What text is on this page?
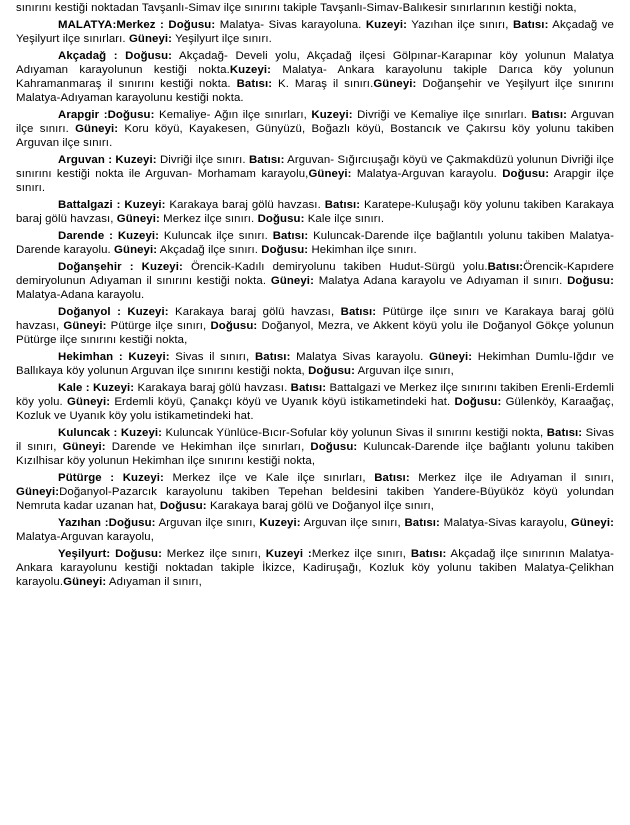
sınırını kestiği noktadan Tavşanlı-Simav ilçe sınırını takiple Tavşanlı-Simav-Balıkesir sınırlarının kestiği nokta,

MALATYA:Merkez : Doğusu: Malatya- Sivas karayoluna. Kuzeyi: Yazıhan ilçe sınırı, Batısı: Akçadağ ve Yeşilyurt ilçe sınırları. Güneyi: Yeşilyurt ilçe sınırı.

Akçadağ : Doğusu: Akçadağ- Develi yolu, Akçadağ ilçesi Gölpınar-Karapınar köy yolunun Malatya Adıyaman karayolunun kestiği nokta.Kuzeyi: Malatya- Ankara karayolunu takiple Darıca köy yolunun Kahramanmaraş il sınırını kestiği nokta. Batısı: K. Maraş il sınırı.Güneyi: Doğanşehir ve Yeşilyurt ilçe sınırını Malatya-Adıyaman karayolunu kestiği nokta.

Arapgir :Doğusu: Kemaliye- Ağın ilçe sınırları, Kuzeyi: Divriği ve Kemaliye ilçe sınırları. Batısı: Arguvan ilçe sınırı. Güneyi: Koru köyü, Kayakesen, Günyüzü, Boğazlı köyü, Bostancık ve Çakırsu köy yolunu takiben Arguvan ilçe sınırı.

Arguvan : Kuzeyi: Divriği ilçe sınırı. Batısı: Arguvan- Sığırcıuşağı köyü ve Çakmakdüzü yolunun Divriği ilçe sınırını kestiği nokta ile Arguvan- Morhamam karayolu,Güneyi: Malatya-Arguvan karayolu. Doğusu: Arapgir ilçe sınırı.

Battalgazi : Kuzeyi: Karakaya baraj gölü havzası. Batısı: Karatepe-Kuluşağı köy yolunu takiben Karakaya baraj gölü havzası, Güneyi: Merkez ilçe sınırı. Doğusu: Kale ilçe sınırı.

Darende : Kuzeyi: Kuluncak ilçe sınırı. Batısı: Kuluncak-Darende ilçe bağlantılı yolunu takiben Malatya-Darende karayolu. Güneyi: Akçadağ ilçe sınırı. Doğusu: Hekimhan ilçe sınırı.

Doğanşehir : Kuzeyi: Örencik-Kadılı demiryolunu takiben Hudut-Sürgü yolu.Batısı:Örencik-Kapıdere demiryolunun Adıyaman il sınırını kestiği nokta. Güneyi: Malatya Adana karayolu ve Adıyaman il sınırı. Doğusu: Malatya-Adana karayolu.

Doğanyol : Kuzeyi: Karakaya baraj gölü havzası, Batısı: Pütürge ilçe sınırı ve Karakaya baraj gölü havzası, Güneyi: Pütürge ilçe sınırı, Doğusu: Doğanyol, Mezra, ve Akkent köyü yolu ile Doğanyol Gökçe yolunun Pütürge ilçe sınırını kestiği nokta,

Hekimhan : Kuzeyi: Sivas il sınırı, Batısı: Malatya Sivas karayolu. Güneyi: Hekimhan Dumlu-Iğdır ve Ballıkaya köy yolunun Arguvan ilçe sınırını kestiği nokta, Doğusu: Arguvan ilçe sınırı,

Kale : Kuzeyi: Karakaya baraj gölü havzası. Batısı: Battalgazi ve Merkez ilçe sınırını takiben Erenli-Erdemli köy yolu. Güneyi: Erdemli köyü, Çanakçı köyü ve Uyanık köyü istikametindeki hat. Doğusu: Gülenköy, Karaağaç, Kozluk ve Uyanık köy yolu istikametindeki hat.

Kuluncak : Kuzeyi: Kuluncak Yünlüce-Bıcır-Sofular köy yolunun Sivas il sınırını kestiği nokta, Batısı: Sivas il sınırı, Güneyi: Darende ve Hekimhan ilçe sınırları, Doğusu: Kuluncak-Darende ilçe bağlantı yolunu takiben Kızılhisar köy yolunun Hekimhan ilçe sınırını kestiği nokta,

Pütürge : Kuzeyi: Merkez ilçe ve Kale ilçe sınırları, Batısı: Merkez ilçe ile Adıyaman il sınırı, Güneyi:Doğanyol-Pazarcık karayolunu takiben Tepehan beldesini takiben Yandere-Büyüköz köyü yolundan Nemruta kadar uzanan hat, Doğusu: Karakaya baraj gölü ve Doğanyol ilçe sınırı,

Yazıhan :Doğusu: Arguvan ilçe sınırı, Kuzeyi: Arguvan ilçe sınırı, Batısı: Malatya-Sivas karayolu, Güneyi: Malatya-Arguvan karayolu,

Yeşilyurt: Doğusu: Merkez ilçe sınırı, Kuzeyi :Merkez ilçe sınırı, Batısı: Akçadağ ilçe sınırının Malatya-Ankara karayolunu kestiği noktadan takiple İkizce, Kadiruşağı, Kozluk köy yolunu takiben Malatya-Çelikhan karayolu.Güneyi: Adıyaman il sınırı,
